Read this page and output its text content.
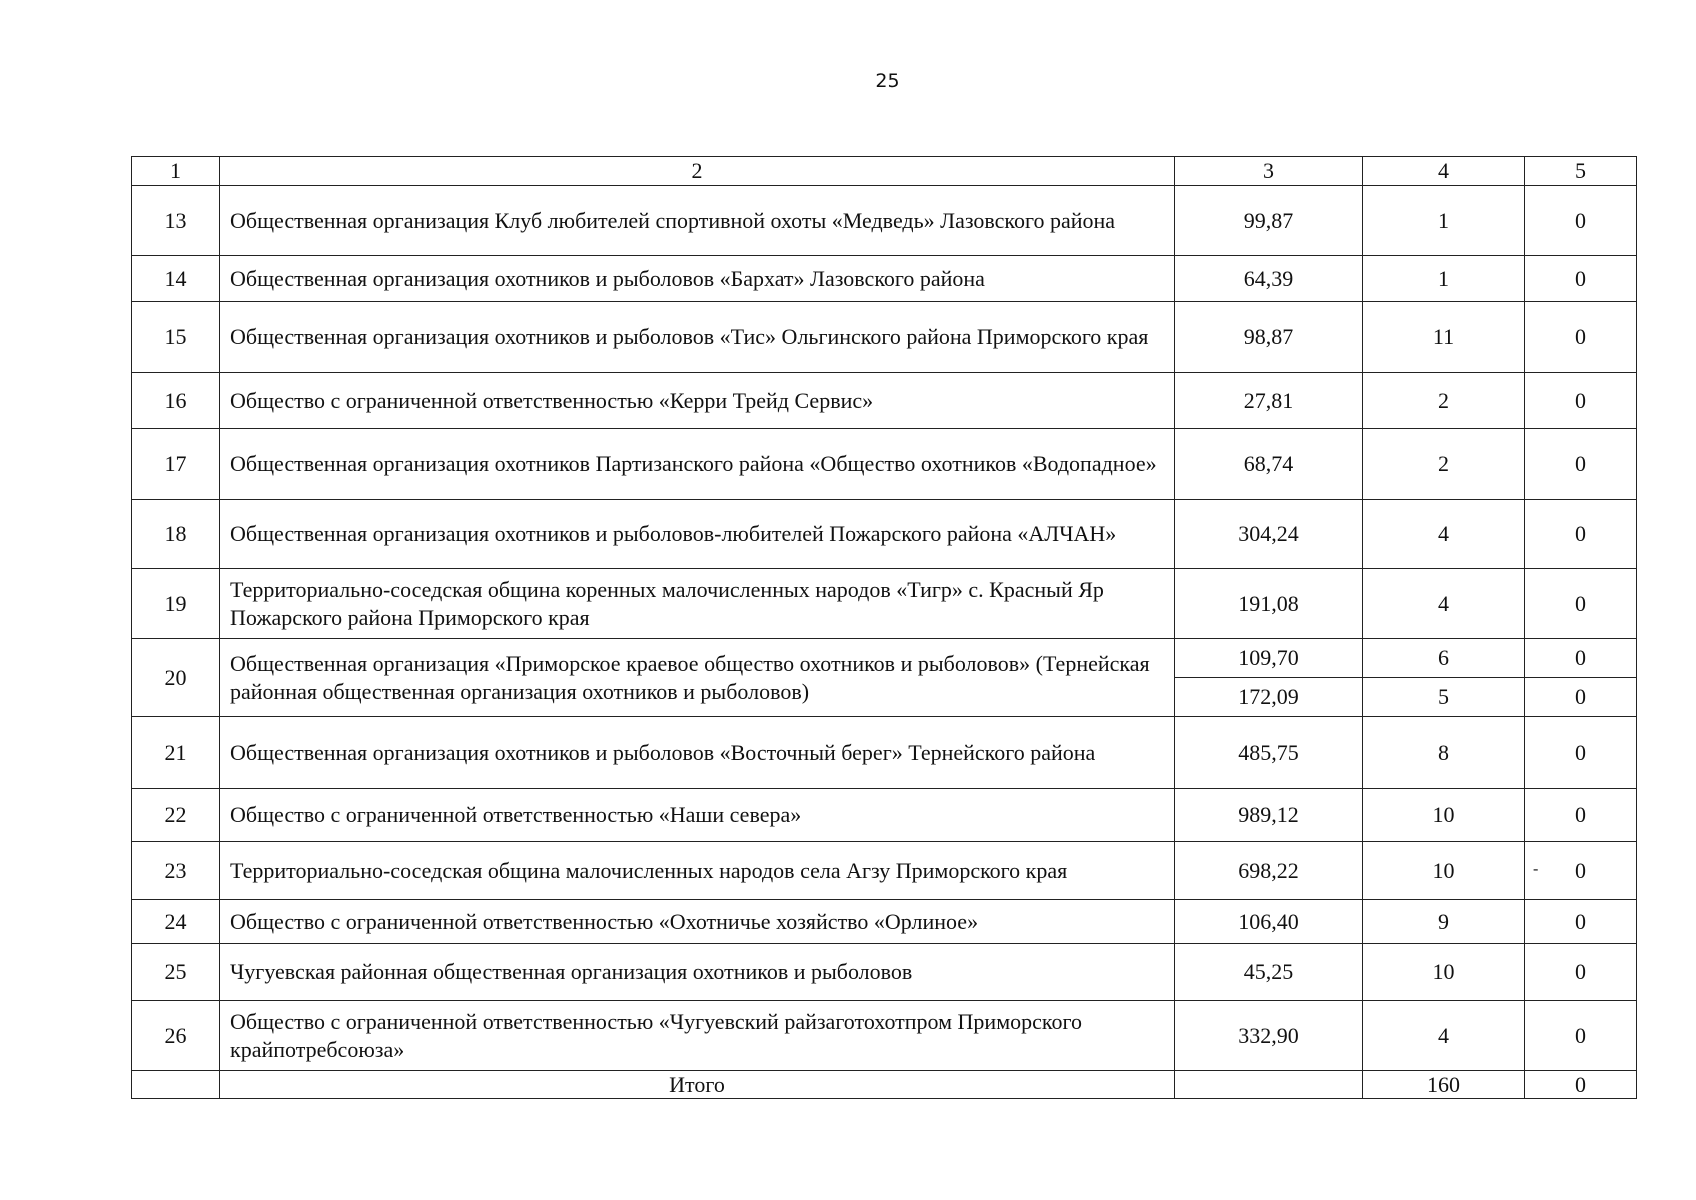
25
1	2	3	4	5
13	Общественная организация Клуб любителей спортивной охоты «Медведь» Лазовского района	99,87	1	0
14	Общественная организация охотников и рыболовов «Бархат» Лазовского района	64,39	1	0
15	Общественная организация охотников и рыболовов «Тис» Ольгинского района Приморского края	98,87	11	0
16	Общество с ограниченной ответственностью «Керри Трейд Сервис»	27,81	2	0
17	Общественная организация охотников Партизанского района «Общество охотников «Водопадное»	68,74	2	0
18	Общественная организация охотников и рыболовов-любителей Пожарского района «АЛЧАН»	304,24	4	0
19	Территориально-соседская община коренных малочисленных народов «Тигр» с. Красный Яр Пожарского района Приморского края	191,08	4	0
20	Общественная организация «Приморское краевое общество охотников и рыболовов» (Тернейская районная общественная организация охотников и рыболовов)	109,70	6	0
		172,09	5	0
21	Общественная организация охотников и рыболовов «Восточный берег» Тернейского района	485,75	8	0
22	Общество с ограниченной ответственностью «Наши севера»	989,12	10	0
23	Территориально-соседская община малочисленных народов села Агзу Приморского края	698,22	10	- 0
24	Общество с ограниченной ответственностью «Охотничье хозяйство «Орлиное»	106,40	9	0
25	Чугуевская районная общественная организация охотников и рыболовов	45,25	10	0
26	Общество с ограниченной ответственностью «Чугуевский райзаготохотпром Приморского крайпотребсоюза»	332,90	4	0
	Итого		160	0
